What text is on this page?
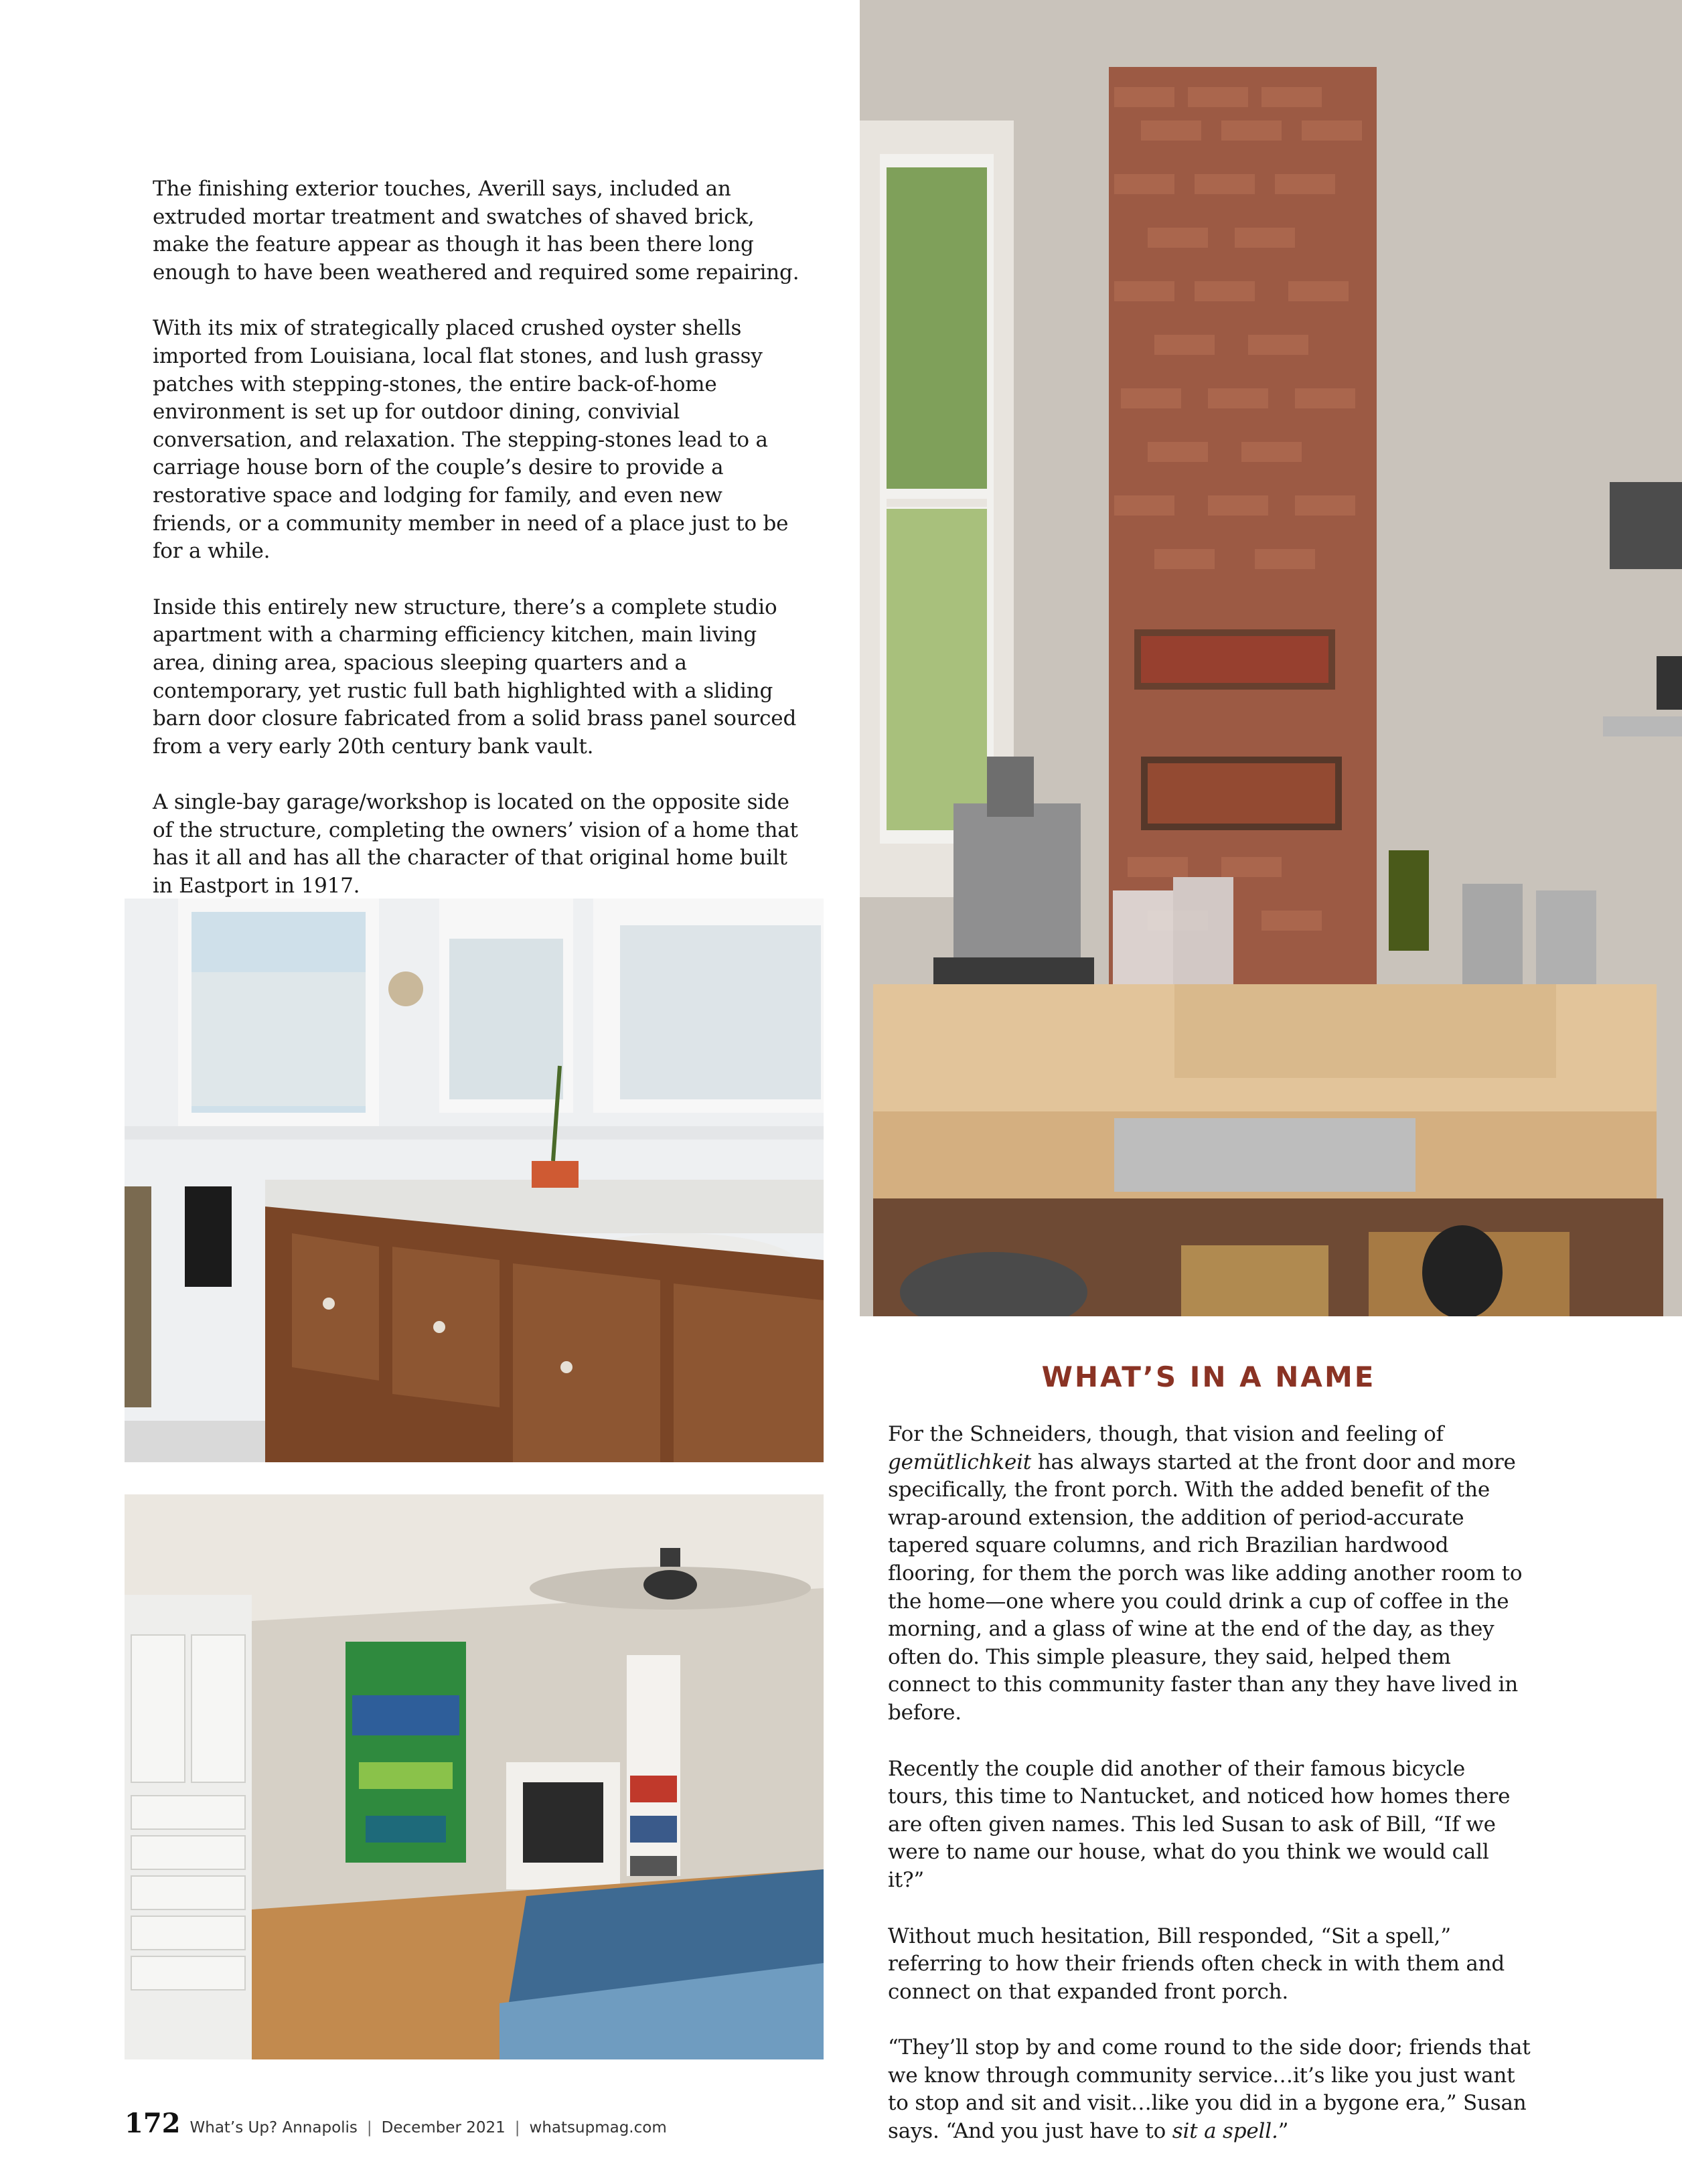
The finishing exterior touches, Averill says, included an extruded mortar treatment and swatches of shaved brick, make the feature appear as though it has been there long enough to have been weathered and required some repairing.

With its mix of strategically placed crushed oyster shells imported from Louisiana, local flat stones, and lush grassy patches with stepping-stones, the entire back-of-home environment is set up for outdoor dining, convivial conversation, and relaxation. The stepping-stones lead to a carriage house born of the couple’s desire to provide a restorative space and lodging for family, and even new friends, or a community member in need of a place just to be for a while.

Inside this entirely new structure, there’s a complete studio apartment with a charming efficiency kitchen, main living area, dining area, spacious sleeping quarters and a contemporary, yet rustic full bath highlighted with a sliding barn door closure fabricated from a solid brass panel sourced from a very early 20th century bank vault.

A single-bay garage/workshop is located on the opposite side of the structure, completing the owners’ vision of a home that has it all and has all the character of that original home built in Eastport in 1917.

WHAT’S IN A NAME

For the Schneiders, though, that vision and feeling of gemütlichkeit has always started at the front door and more specifically, the front porch. With the added benefit of the wrap-around extension, the addition of period-accurate tapered square columns, and rich Brazilian hardwood flooring, for them the porch was like adding another room to the home—one where you could drink a cup of coffee in the morning, and a glass of wine at the end of the day, as they often do. This simple pleasure, they said, helped them connect to this community faster than any they have lived in before.

Recently the couple did another of their famous bicycle tours, this time to Nantucket, and noticed how homes there are often given names. This led Susan to ask of Bill, “If we were to name our house, what do you think we would call it?”

Without much hesitation, Bill responded, “Sit a spell,” referring to how their friends often check in with them and connect on that expanded front porch.

“They’ll stop by and come round to the side door; friends that we know through community service…it’s like you just want to stop and sit and visit…like you did in a bygone era,” Susan says. “And you just have to sit a spell.”

172 What’s Up? Annapolis | December 2021 | whatsupmag.com
